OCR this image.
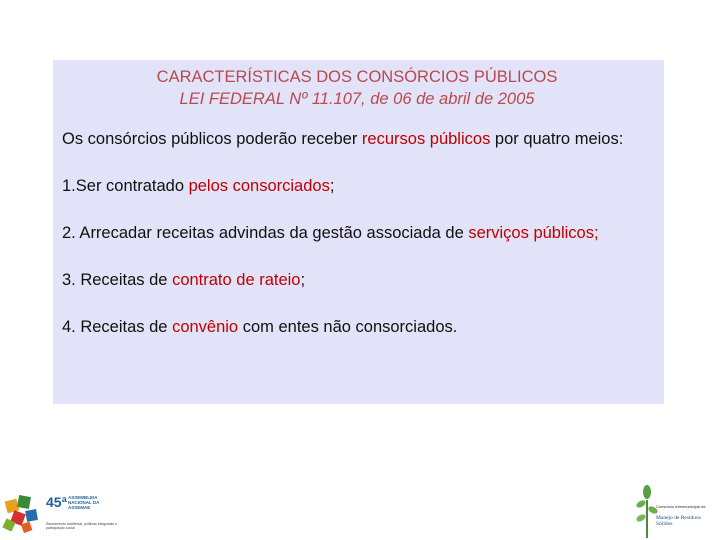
CARACTERÍSTICAS DOS CONSÓRCIOS PÚBLICOS

LEI FEDERAL Nº 11.107, de 06 de abril de 2005

Os consórcios públicos poderão receber recursos públicos por quatro meios:

1.Ser contratado pelos consorciados;

2. Arrecadar receitas advindas da gestão associada de serviços públicos;

3. Receitas de contrato de rateio;

4. Receitas de convênio com entes não consorciados.

45ª ASSEMBLEIA NACIONAL DA ASSEMAE
Saneamento ambiental, políticas integradas e participação social
Consórcio Intermunicipal de
Manejo de Resíduos Sólidos
